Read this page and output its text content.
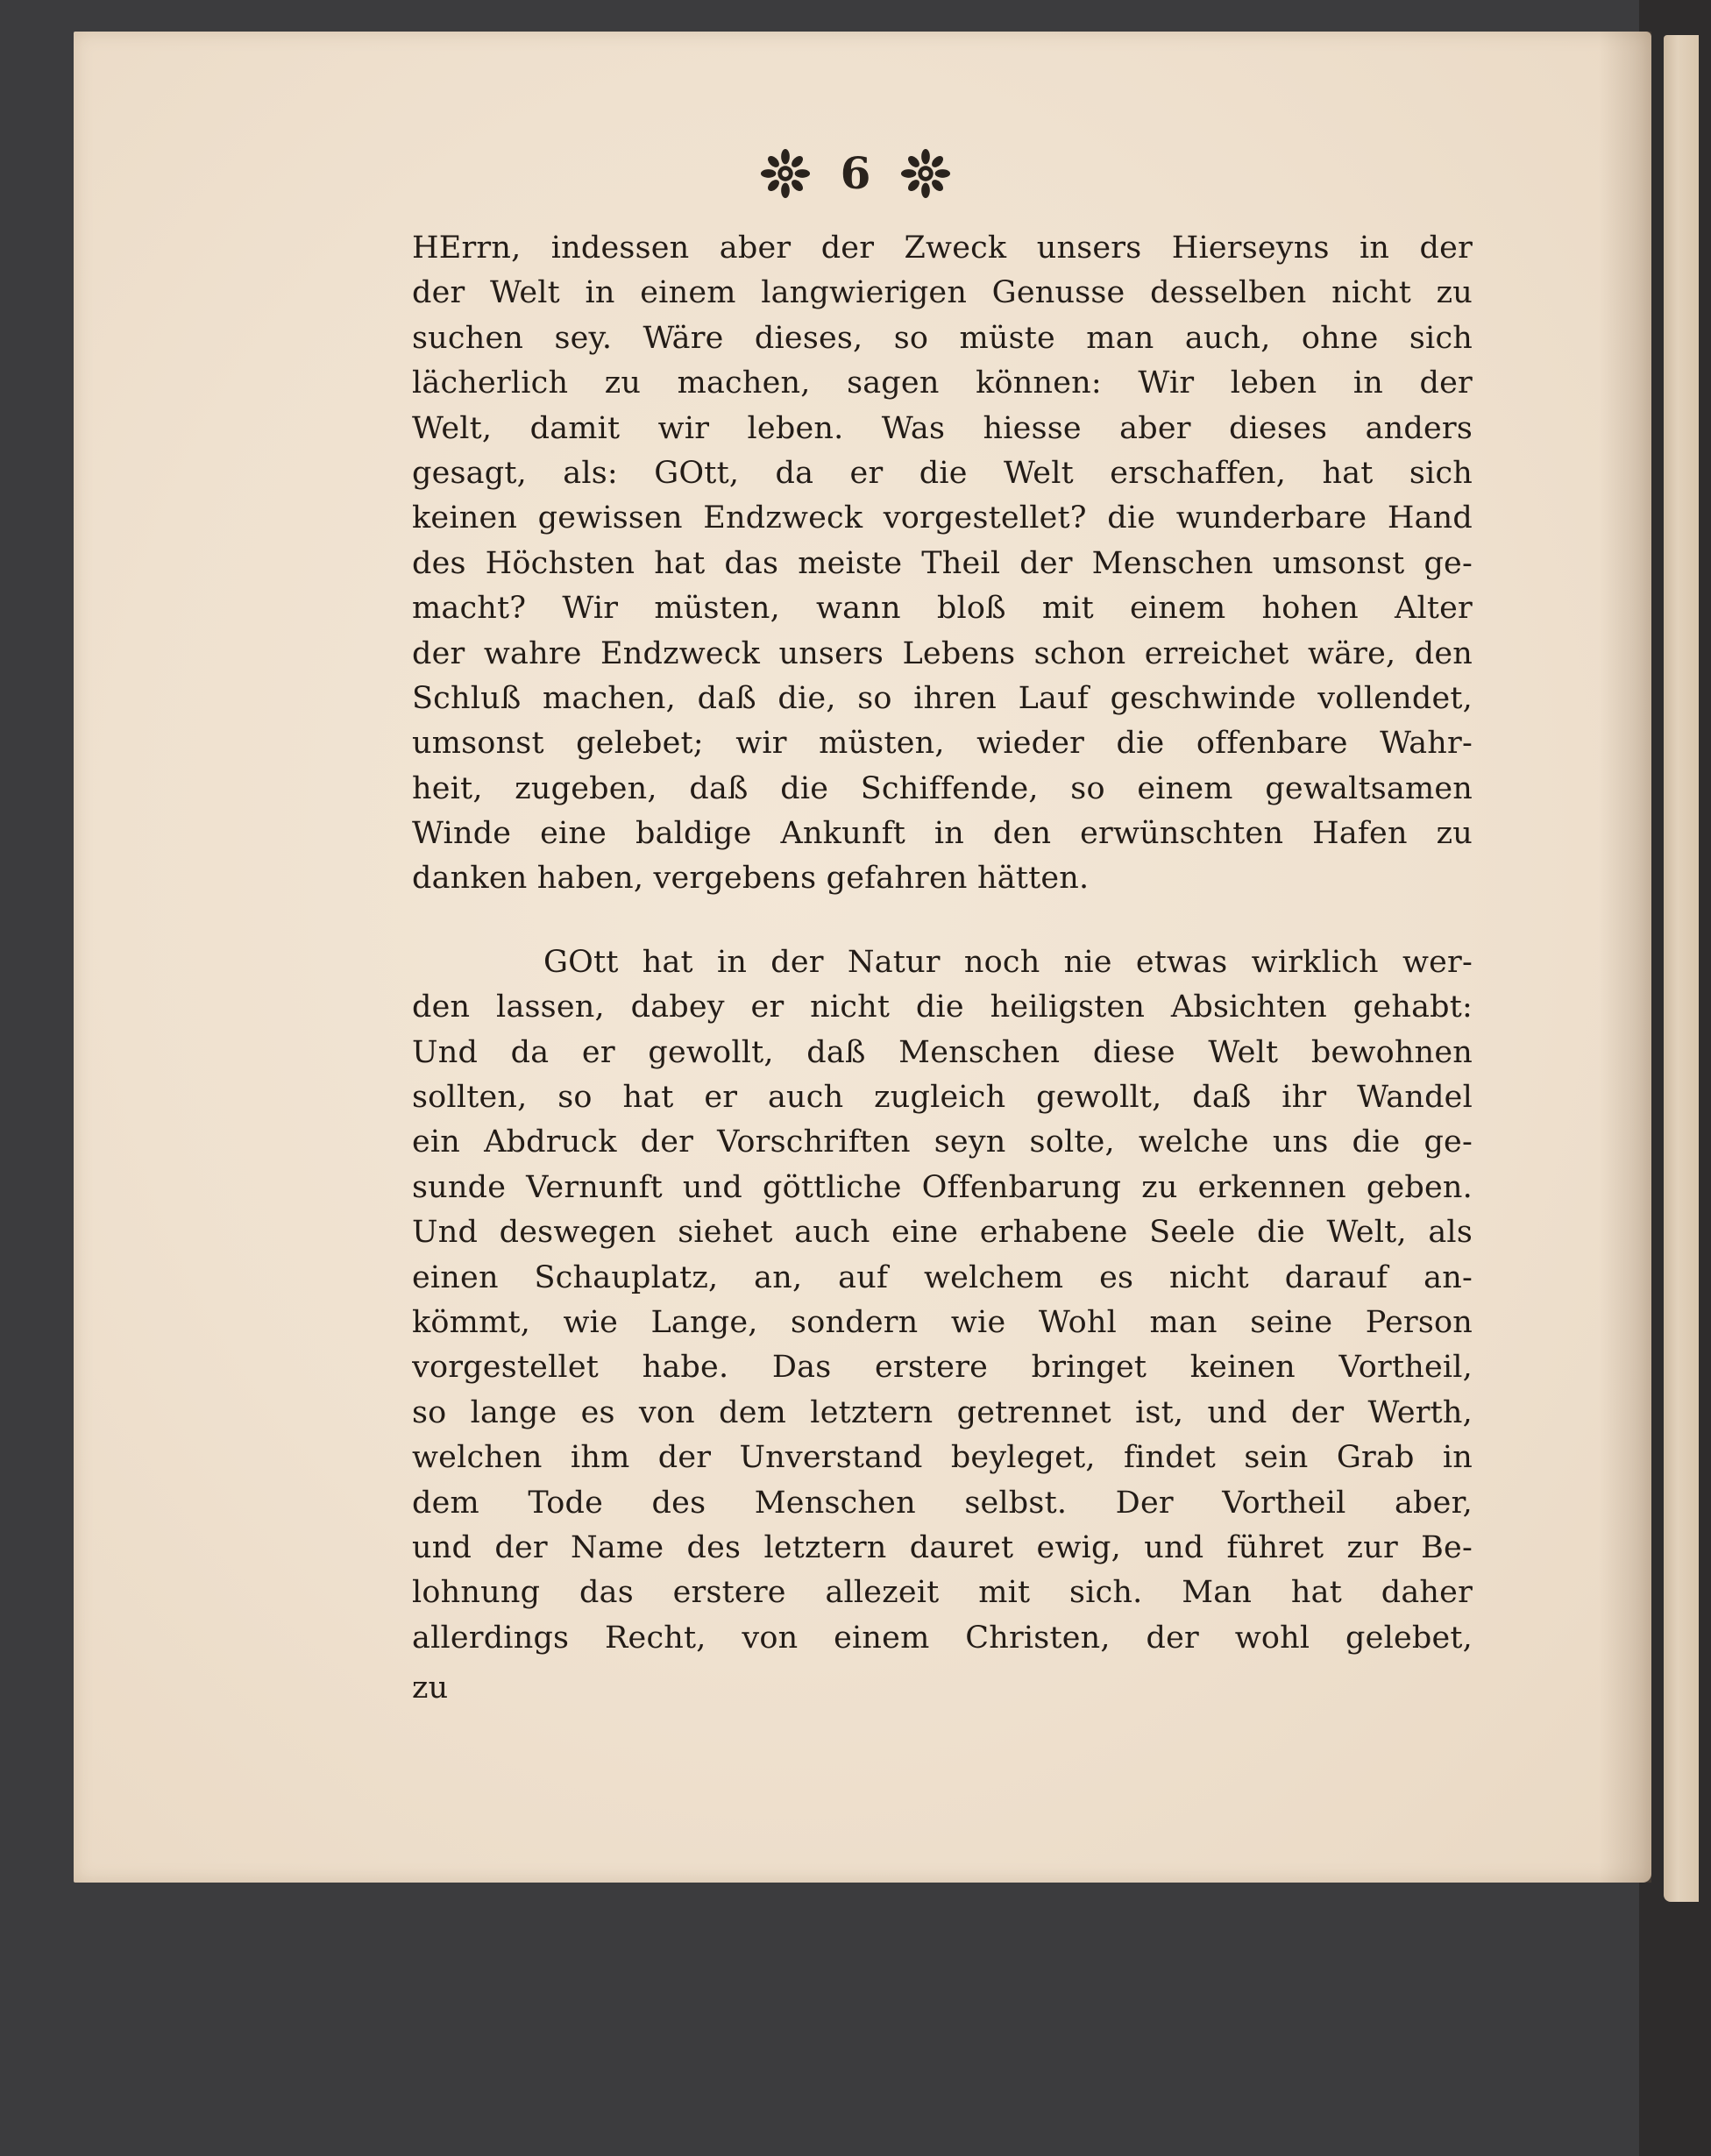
6
HErrn, indessen aber der Zweck unsers Hierseyns in der
der Welt in einem langwierigen Genusse desselben nicht zu
suchen sey. Wäre dieses, so müste man auch, ohne sich
lächerlich zu machen, sagen können: Wir leben in der
Welt, damit wir leben. Was hiesse aber dieses anders
gesagt, als: GOtt, da er die Welt erschaffen, hat sich
keinen gewissen Endzweck vorgestellet? die wunderbare Hand
des Höchsten hat das meiste Theil der Menschen umsonst ge-
macht? Wir müsten, wann bloß mit einem hohen Alter
der wahre Endzweck unsers Lebens schon erreichet wäre, den
Schluß machen, daß die, so ihren Lauf geschwinde vollendet,
umsonst gelebet; wir müsten, wieder die offenbare Wahr-
heit, zugeben, daß die Schiffende, so einem gewaltsamen
Winde eine baldige Ankunft in den erwünschten Hafen zu
danken haben, vergebens gefahren hätten.
GOtt hat in der Natur noch nie etwas wirklich wer-
den lassen, dabey er nicht die heiligsten Absichten gehabt:
Und da er gewollt, daß Menschen diese Welt bewohnen
sollten, so hat er auch zugleich gewollt, daß ihr Wandel
ein Abdruck der Vorschriften seyn solte, welche uns die ge-
sunde Vernunft und göttliche Offenbarung zu erkennen geben.
Und deswegen siehet auch eine erhabene Seele die Welt, als
einen Schauplatz, an, auf welchem es nicht darauf an-
kömmt, wie Lange, sondern wie Wohl man seine Person
vorgestellet habe. Das erstere bringet keinen Vortheil,
so lange es von dem letztern getrennet ist, und der Werth,
welchen ihm der Unverstand beyleget, findet sein Grab in
dem Tode des Menschen selbst. Der Vortheil aber,
und der Name des letztern dauret ewig, und führet zur Be-
lohnung das erstere allezeit mit sich. Man hat daher
allerdings Recht, von einem Christen, der wohl gelebet,
zu
